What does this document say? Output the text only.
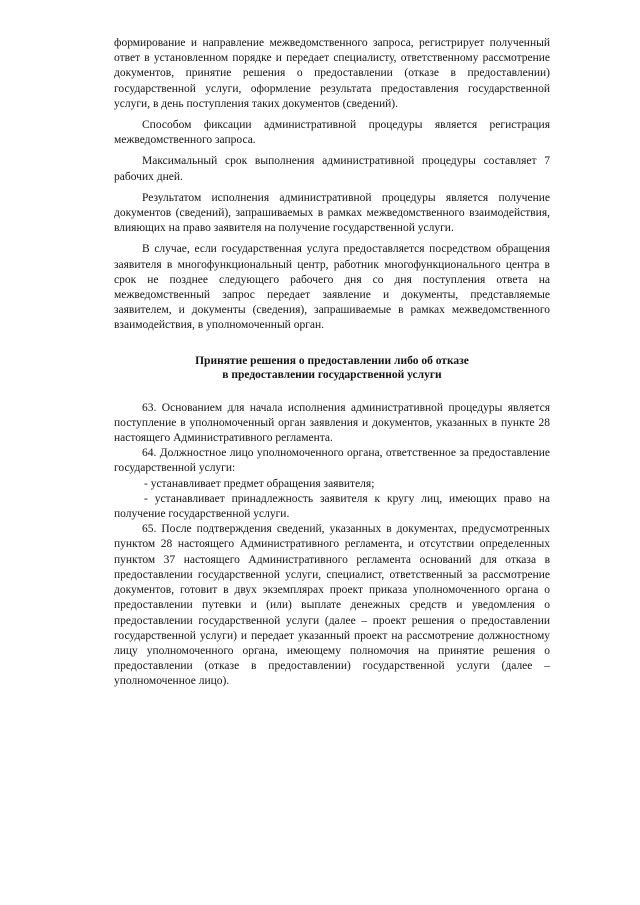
формирование и направление межведомственного запроса, регистрирует полученный ответ в установленном порядке и передает специалисту, ответственному рассмотрение документов, принятие решения о предоставлении (отказе в предоставлении) государственной услуги, оформление результата предоставления государственной услуги, в день поступления таких документов (сведений).

Способом фиксации административной процедуры является регистрация межведомственного запроса.

Максимальный срок выполнения административной процедуры составляет 7 рабочих дней.

Результатом исполнения административной процедуры является получение документов (сведений), запрашиваемых в рамках межведомственного взаимодействия, влияющих на право заявителя на получение государственной услуги.

В случае, если государственная услуга предоставляется посредством обращения заявителя в многофункциональный центр, работник многофункционального центра в срок не позднее следующего рабочего дня со дня поступления ответа на межведомственный запрос передает заявление и документы, представляемые заявителем, и документы (сведения), запрашиваемые в рамках межведомственного взаимодействия, в уполномоченный орган.

Принятие решения о предоставлении либо об отказе
в предоставлении государственной услуги

63. Основанием для начала исполнения административной процедуры является поступление в уполномоченный орган заявления и документов, указанных в пункте 28 настоящего Административного регламента.

64. Должностное лицо уполномоченного органа, ответственное за предоставление государственной услуги:

- устанавливает предмет обращения заявителя;

- устанавливает принадлежность заявителя к кругу лиц, имеющих право на получение государственной услуги.

65. После подтверждения сведений, указанных в документах, предусмотренных пунктом 28 настоящего Административного регламента, и отсутствии определенных пунктом 37 настоящего Административного регламента оснований для отказа в предоставлении государственной услуги, специалист, ответственный за рассмотрение документов, готовит в двух экземплярах проект приказа уполномоченного органа о предоставлении путевки и (или) выплате денежных средств и уведомления о предоставлении государственной услуги (далее – проект решения о предоставлении государственной услуги) и передает указанный проект на рассмотрение должностному лицу уполномоченного органа, имеющему полномочия на принятие решения о предоставлении (отказе в предоставлении) государственной услуги (далее – уполномоченное лицо).
